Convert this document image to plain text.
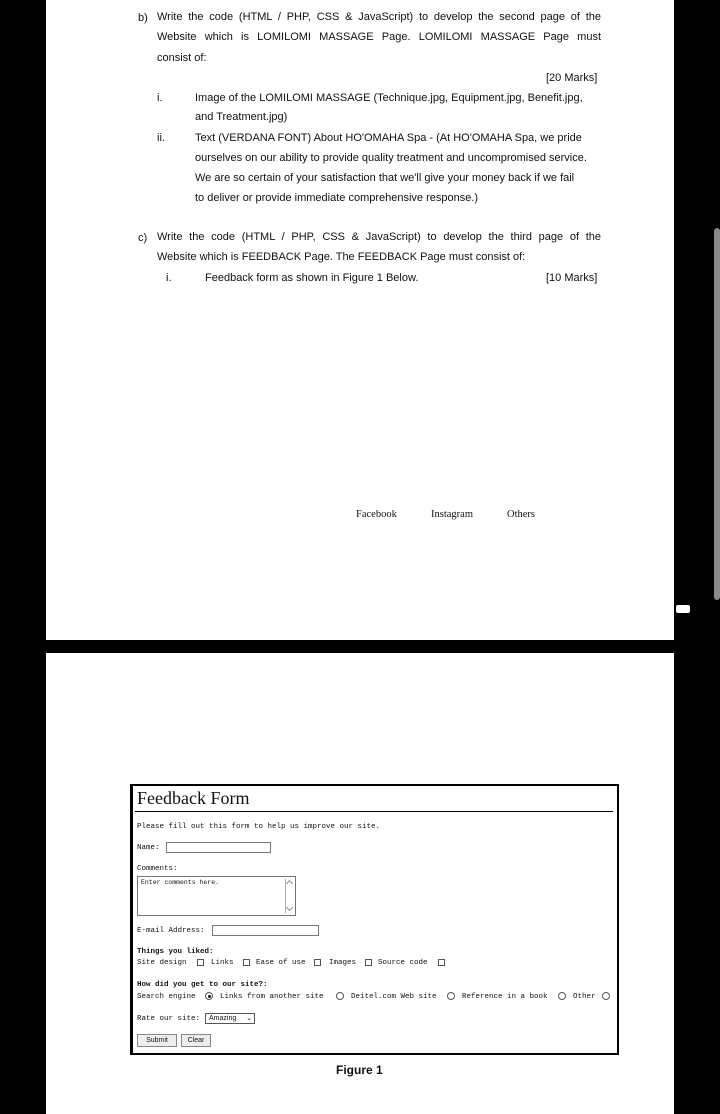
b) Write the code (HTML / PHP, CSS & JavaScript) to develop the second page of the
Website which is LOMILOMI MASSAGE Page. LOMILOMI MASSAGE Page must
consist of:
[20 Marks]
i.	Image of the LOMILOMI MASSAGE (Technique.jpg, Equipment.jpg, Benefit.jpg,
and Treatment.jpg)
ii.	Text (VERDANA FONT) About HO'OMAHA Spa - (At HO'OMAHA Spa, we pride
ourselves on our ability to provide quality treatment and uncompromised service.
We are so certain of your satisfaction that we'll give your money back if we fail
to deliver or provide immediate comprehensive response.)
c) Write the code (HTML / PHP, CSS & JavaScript) to develop the third page of the
Website which is FEEDBACK Page. The FEEDBACK Page must consist of:
i.	Feedback form as shown in Figure 1 Below.	[10 Marks]
Facebook	Instagram	Others
Feedback Form
Please fill out this form to help us improve our site.
Name:
Comments:
Enter comments here.
E-mail Address:
Things you liked:
Site design	Links	Ease of use	Images	Source code
How did you get to our site?:
Search engine	Links from another site	Deitel.com Web site	Reference in a book	Other
Rate our site:	Amazing ⌄
Submit	Clear
Figure 1
